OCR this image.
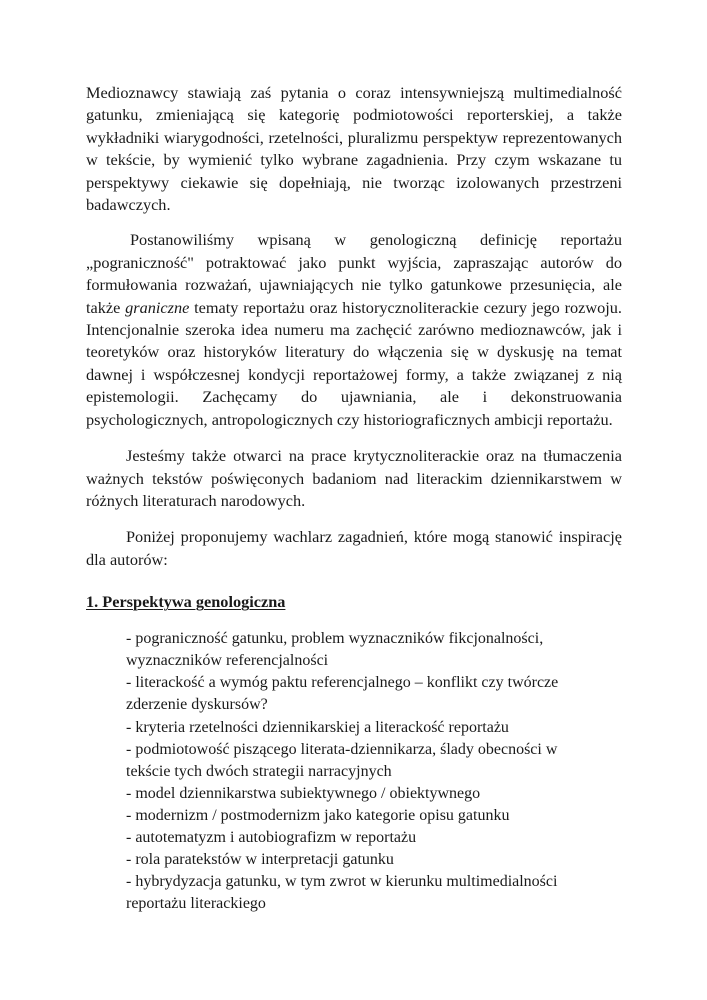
Medioznawcy stawiają zaś pytania o coraz intensywniejszą multimedialność gatunku, zmieniającą się kategorię podmiotowości reporterskiej, a także wykładniki wiarygodności, rzetelności, pluralizmu perspektyw reprezentowanych w tekście, by wymienić tylko wybrane zagadnienia. Przy czym wskazane tu perspektywy ciekawie się dopełniają, nie tworząc izolowanych przestrzeni badawczych.

Postanowiliśmy wpisaną w genologiczną definicję reportażu „pograniczność" potraktować jako punkt wyjścia, zapraszając autorów do formułowania rozważań, ujawniających nie tylko gatunkowe przesunięcia, ale także graniczne tematy reportażu oraz historycznoliterackie cezury jego rozwoju. Intencjonalnie szeroka idea numeru ma zachęcić zarówno medioznawców, jak i teoretyków oraz historyków literatury do włączenia się w dyskusję na temat dawnej i współczesnej kondycji reportażowej formy, a także związanej z nią epistemologii. Zachęcamy do ujawniania, ale i dekonstruowania psychologicznych, antropologicznych czy historiograficznych ambicji reportażu.

Jesteśmy także otwarci na prace krytycznoliterackie oraz na tłumaczenia ważnych tekstów poświęconych badaniom nad literackim dziennikarstwem w różnych literaturach narodowych.

Poniżej proponujemy wachlarz zagadnień, które mogą stanowić inspirację dla autorów:

1. Perspektywa genologiczna
- pograniczność gatunku, problem wyznaczników fikcjonalności, wyznaczników referencjalności
- literackość a wymóg paktu referencjalnego – konflikt czy twórcze zderzenie dyskursów?
- kryteria rzetelności dziennikarskiej a literackość reportażu
- podmiotowość piszącego literata-dziennikarza, ślady obecności w tekście tych dwóch strategii narracyjnych
- model dziennikarstwa subiektywnego / obiektywnego
- modernizm / postmodernizm jako kategorie opisu gatunku
- autotematyzm i autobiografizm w reportażu
- rola paratekstów w interpretacji gatunku
- hybrydyzacja gatunku, w tym zwrot w kierunku multimedialności reportażu literackiego
